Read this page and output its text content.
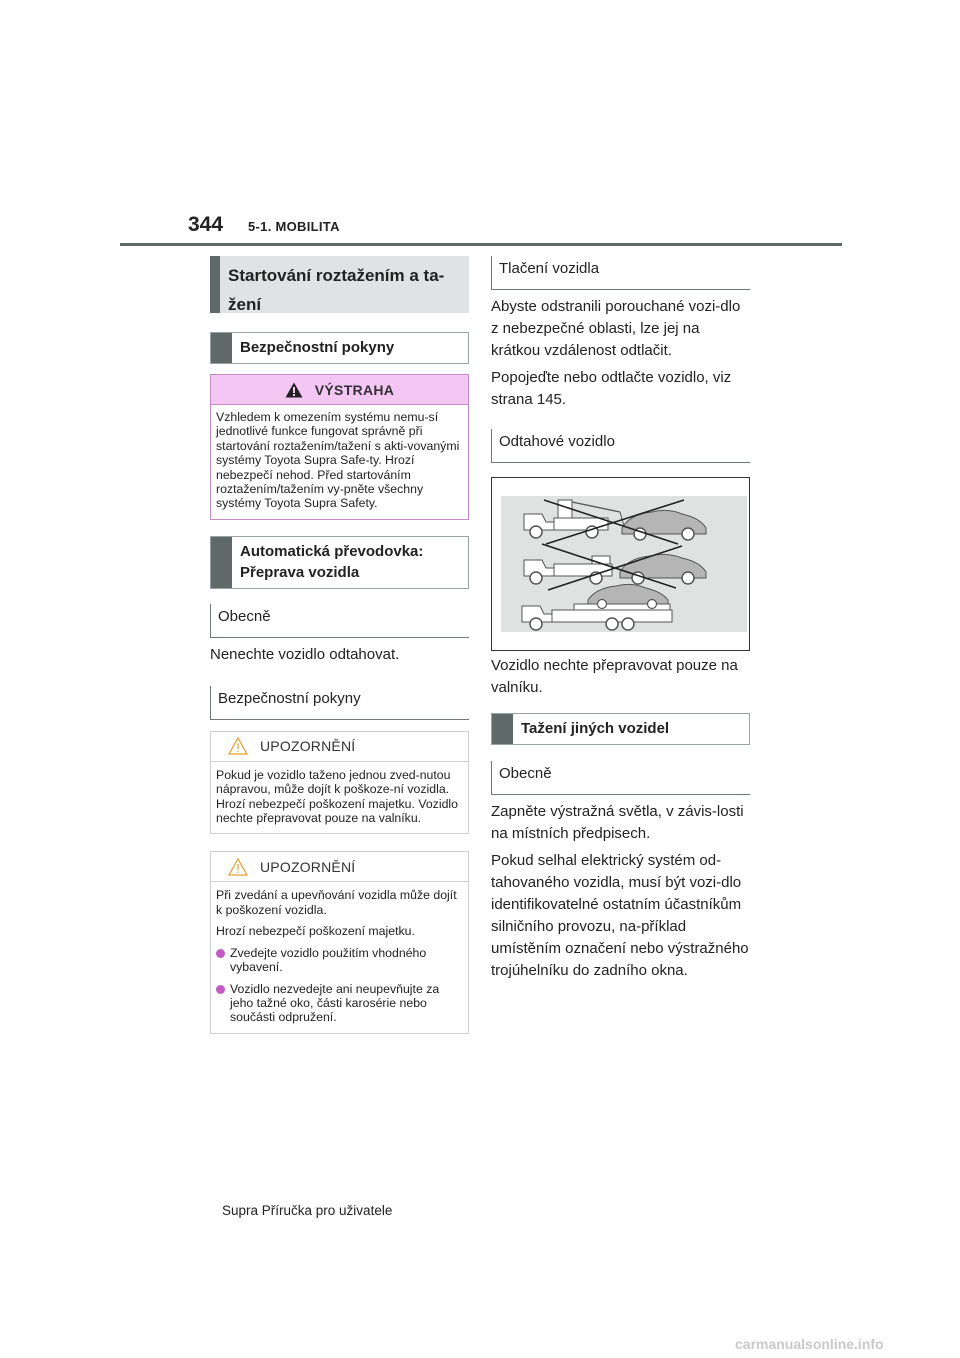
344 5-1. MOBILITA
Startování roztažením a ta-žení
Bezpečnostní pokyny
VÝSTRAHA
Vzhledem k omezením systému nemu-sí jednotlivé funkce fungovat správně při startování roztažením/tažení s akti-vovanými systémy Toyota Supra Safe-ty. Hrozí nebezpečí nehod. Před startováním roztažením/tažením vy-pněte všechny systémy Toyota Supra Safety.
Automatická převodovka: Přeprava vozidla
Obecně

Nenechte vozidlo odtahovat.

Bezpečnostní pokyny
UPOZORNĚNÍ
Pokud je vozidlo taženo jednou zved-nutou nápravou, může dojít k poškoze-ní vozidla. Hrozí nebezpečí poškození majetku. Vozidlo nechte přepravovat pouze na valníku.
UPOZORNĚNÍ

Při zvedání a upevňování vozidla může dojít k poškození vozidla.

Hrozí nebezpečí poškození majetku.

Zvedejte vozidlo použitím vhodného vybavení.
Vozidlo nezvedejte ani neupevňujte za jeho tažné oko, části karosérie nebo součásti odpružení.
Tlačení vozidla

Abyste odstranili porouchané vozi-dlo z nebezpečné oblasti, lze jej na krátkou vzdálenost odtlačit.

Popojeďte nebo odtlačte vozidlo, viz strana 145.

Odtahové vozidlo

Vozidlo nechte přepravovat pouze na valníku.

Tažení jiných vozidel
Obecně

Zapněte výstražná světla, v závis-losti na místních předpisech.

Pokud selhal elektrický systém od-tahovaného vozidla, musí být vozi-dlo identifikovatelné ostatním účastníkům silničního provozu, na-příklad umístěním označení nebo výstražného trojúhelníku do zadního okna.

Supra Příručka pro uživatele
carmanualsonline.info
